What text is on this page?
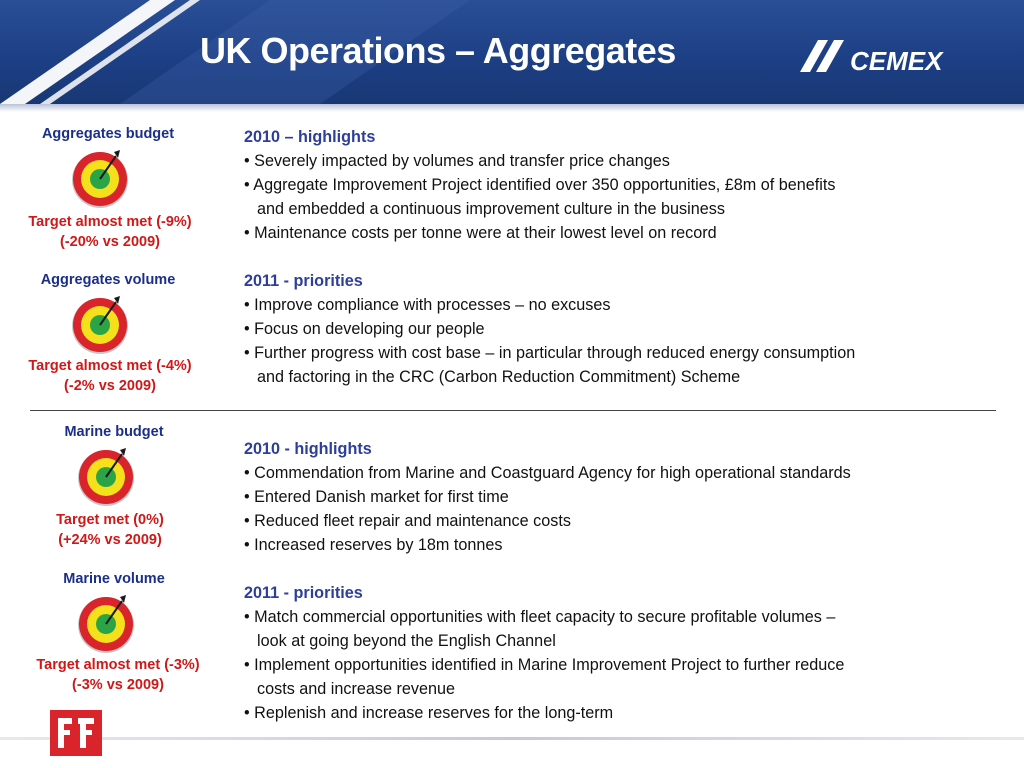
UK Operations – Aggregates	CEMEX
Aggregates budget
Target almost met (-9%)
(-20% vs 2009)
Aggregates volume
Target almost met (-4%)
(-2% vs 2009)
Marine budget
Target met (0%)
(+24% vs 2009)
Marine volume
Target almost met (-3%)
(-3% vs 2009)
2010 – highlights
• Severely impacted by volumes and transfer price changes
• Aggregate Improvement Project identified over 350 opportunities, £8m of benefits
and embedded a continuous improvement culture in the business
• Maintenance costs per tonne were at their lowest level on record
2011 - priorities
• Improve compliance with processes – no excuses
• Focus on developing our people
• Further progress with cost base – in particular through reduced energy consumption
and factoring in the CRC (Carbon Reduction Commitment) Scheme
2010 - highlights
• Commendation from Marine and Coastguard Agency for high operational standards
• Entered Danish market for first time
• Reduced fleet repair and maintenance costs
• Increased reserves by 18m tonnes
2011 - priorities
• Match commercial opportunities with fleet capacity to secure profitable volumes –
look at going beyond the English Channel
• Implement opportunities identified in Marine Improvement Project to further reduce
costs and increase revenue
• Replenish and increase reserves for the long-term
